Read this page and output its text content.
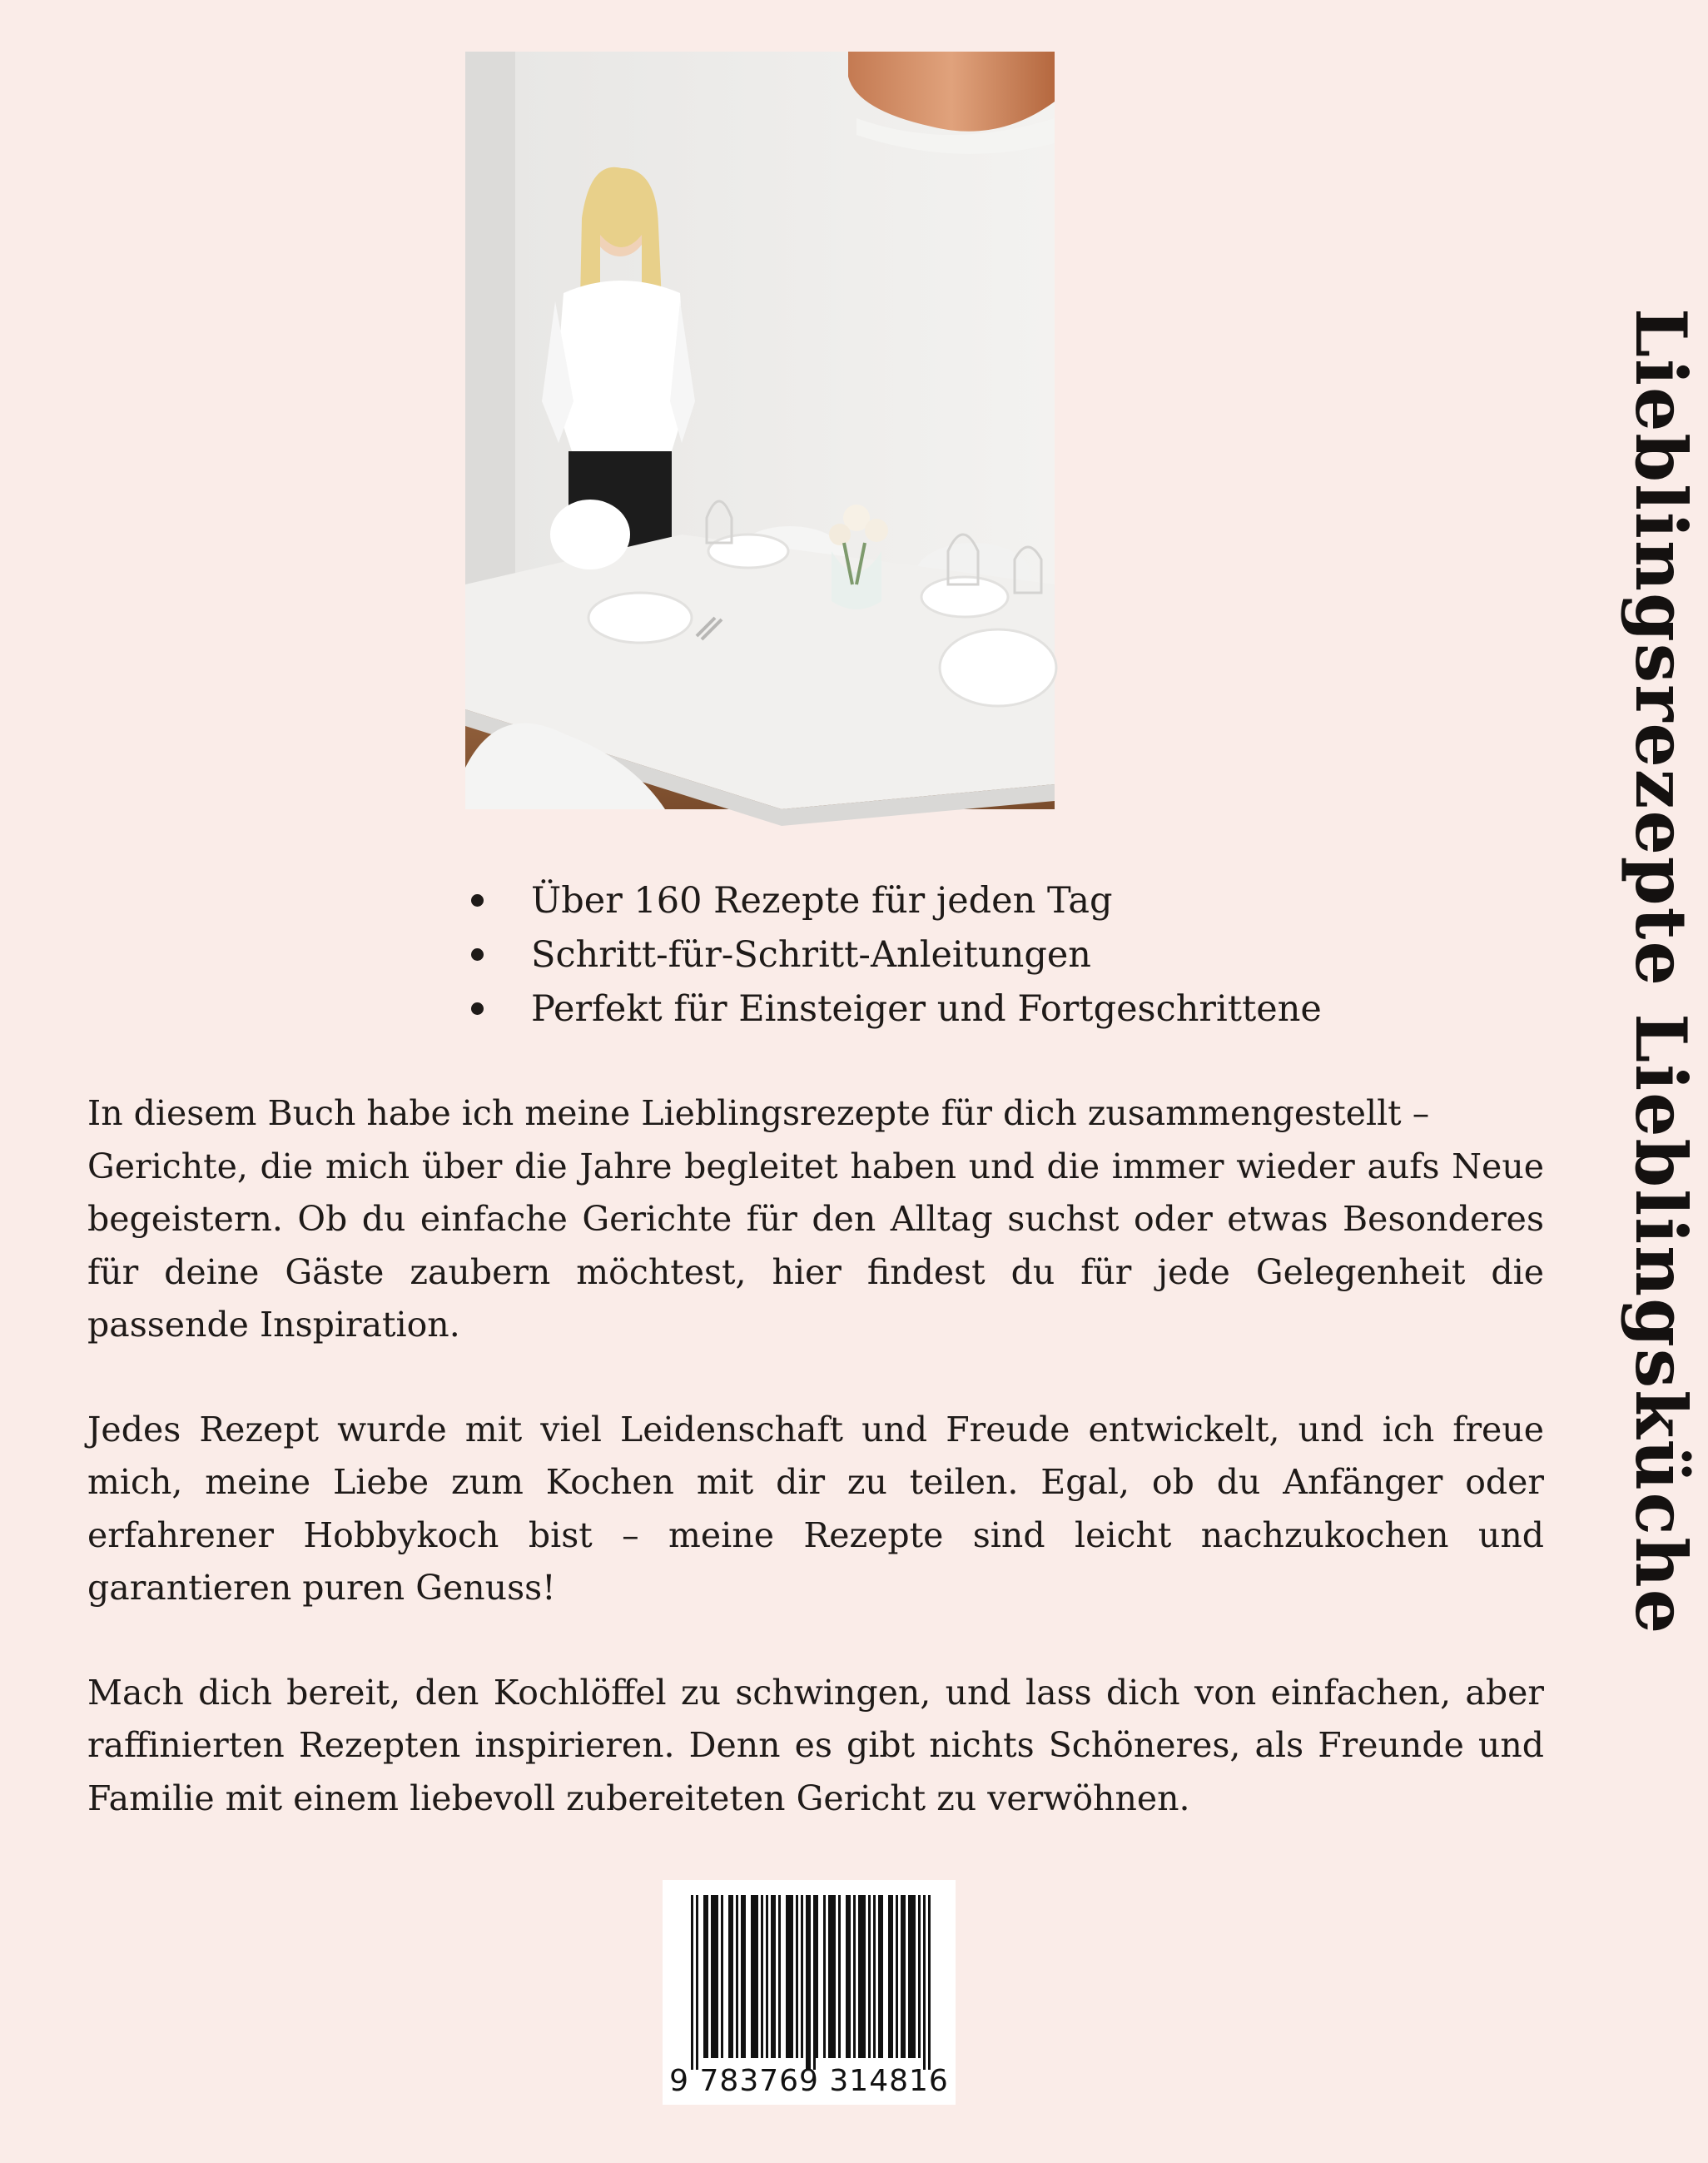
Über 160 Rezepte für jeden Tag
Schritt-für-Schritt-Anleitungen
Perfekt für Einsteiger und Fortgeschrittene

In diesem Buch habe ich meine Lieblingsrezepte für dich zusammengestellt –
Gerichte, die mich über die Jahre begleitet haben und die immer wieder aufs Neue begeistern. Ob du einfache Gerichte für den Alltag suchst oder etwas Besonderes für deine Gäste zaubern möchtest, hier findest du für jede Gelegenheit die passende Inspiration.

Jedes Rezept wurde mit viel Leidenschaft und Freude entwickelt, und ich freue mich, meine Liebe zum Kochen mit dir zu teilen. Egal, ob du Anfänger oder erfahrener Hobbykoch bist – meine Rezepte sind leicht nachzukochen und garantieren puren Genuss!

Mach dich bereit, den Kochlöffel zu schwingen, und lass dich von einfachen, aber raffinierten Rezepten inspirieren. Denn es gibt nichts Schöneres, als Freunde und Familie mit einem liebevoll zubereiteten Gericht zu verwöhnen.

9 783769 314816
Lieblingsrezepte Lieblingsküche
